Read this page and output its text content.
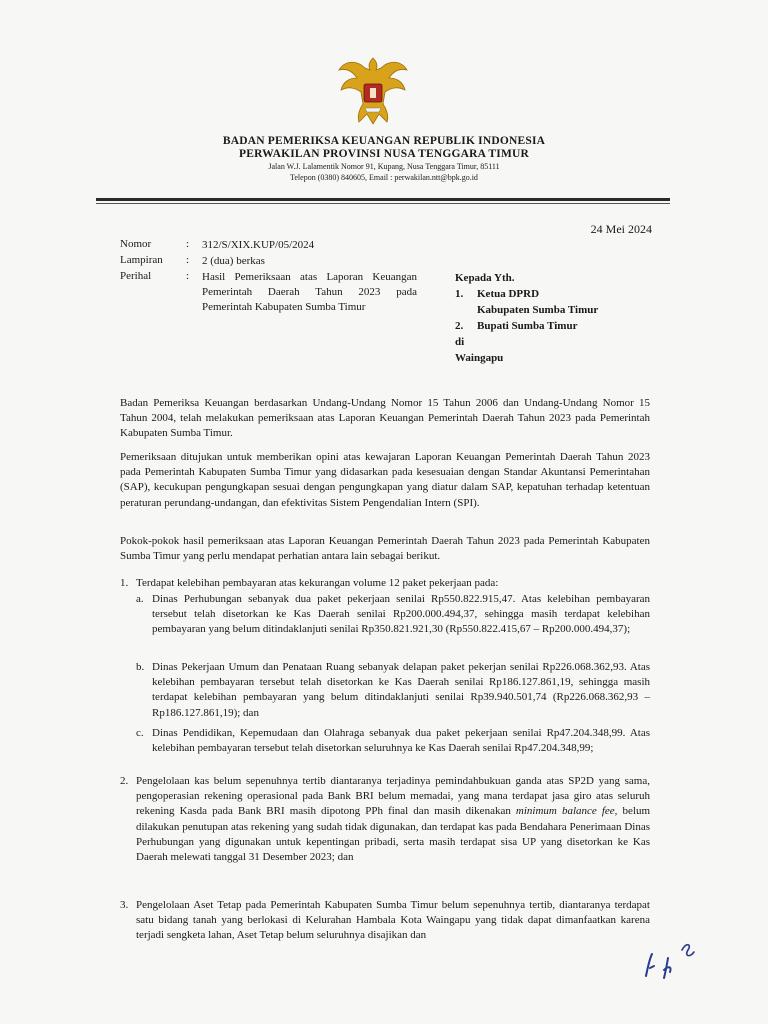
BADAN PEMERIKSA KEUANGAN REPUBLIK INDONESIA
PERWAKILAN PROVINSI NUSA TENGGARA TIMUR
Jalan W.J. Lalamentik Nomor 91, Kupang, Nusa Tenggara Timur, 85111
Telepon (0380) 840605, Email : perwakilan.ntt@bpk.go.id
24 Mei 2024
Nomor	: 312/S/XIX.KUP/05/2024
Lampiran	: 2 (dua) berkas
Perihal	: Hasil Pemeriksaan atas Laporan Keuangan Pemerintah Daerah Tahun 2023 pada Pemerintah Kabupaten Sumba Timur
Kepada Yth.
1. Ketua DPRD
Kabupaten Sumba Timur
2. Bupati Sumba Timur
di
Waingapu

Badan Pemeriksa Keuangan berdasarkan Undang-Undang Nomor 15 Tahun 2006 dan Undang-Undang Nomor 15 Tahun 2004, telah melakukan pemeriksaan atas Laporan Keuangan Pemerintah Daerah Tahun 2023 pada Pemerintah Kabupaten Sumba Timur.

Pemeriksaan ditujukan untuk memberikan opini atas kewajaran Laporan Keuangan Pemerintah Daerah Tahun 2023 pada Pemerintah Kabupaten Sumba Timur yang didasarkan pada kesesuaian dengan Standar Akuntansi Pemerintahan (SAP), kecukupan pengungkapan sesuai dengan pengungkapan yang diatur dalam SAP, kepatuhan terhadap ketentuan peraturan perundang-undangan, dan efektivitas Sistem Pengendalian Intern (SPI).

Pokok-pokok hasil pemeriksaan atas Laporan Keuangan Pemerintah Daerah Tahun 2023 pada Pemerintah Kabupaten Sumba Timur yang perlu mendapat perhatian antara lain sebagai berikut.

1. Terdapat kelebihan pembayaran atas kekurangan volume 12 paket pekerjaan pada:
a. Dinas Perhubungan sebanyak dua paket pekerjaan senilai Rp550.822.915,47. Atas kelebihan pembayaran tersebut telah disetorkan ke Kas Daerah senilai Rp200.000.494,37, sehingga masih terdapat kelebihan pembayaran yang belum ditindaklanjuti senilai Rp350.821.921,30 (Rp550.822.415,67 – Rp200.000.494,37);
b. Dinas Pekerjaan Umum dan Penataan Ruang sebanyak delapan paket pekerjan senilai Rp226.068.362,93. Atas kelebihan pembayaran tersebut telah disetorkan ke Kas Daerah senilai Rp186.127.861,19, sehingga masih terdapat kelebihan pembayaran yang belum ditindaklanjuti senilai Rp39.940.501,74 (Rp226.068.362,93 – Rp186.127.861,19); dan
c. Dinas Pendidikan, Kepemudaan dan Olahraga sebanyak dua paket pekerjaan senilai Rp47.204.348,99. Atas kelebihan pembayaran tersebut telah disetorkan seluruhnya ke Kas Daerah senilai Rp47.204.348,99;
2. Pengelolaan kas belum sepenuhnya tertib diantaranya terjadinya pemindahbukuan ganda atas SP2D yang sama, pengoperasian rekening operasional pada Bank BRI belum memadai, yang mana terdapat jasa giro atas seluruh rekening Kasda pada Bank BRI masih dipotong PPh final dan masih dikenakan minimum balance fee, belum dilakukan penutupan atas rekening yang sudah tidak digunakan, dan terdapat kas pada Bendahara Penerimaan Dinas Perhubungan yang digunakan untuk kepentingan pribadi, serta masih terdapat sisa UP yang disetorkan ke Kas Daerah melewati tanggal 31 Desember 2023; dan
3. Pengelolaan Aset Tetap pada Pemerintah Kabupaten Sumba Timur belum sepenuhnya tertib, diantaranya terdapat satu bidang tanah yang berlokasi di Kelurahan Hambala Kota Waingapu yang tidak dapat dimanfaatkan karena terjadi sengketa lahan, Aset Tetap belum seluruhnya disajikan dan
